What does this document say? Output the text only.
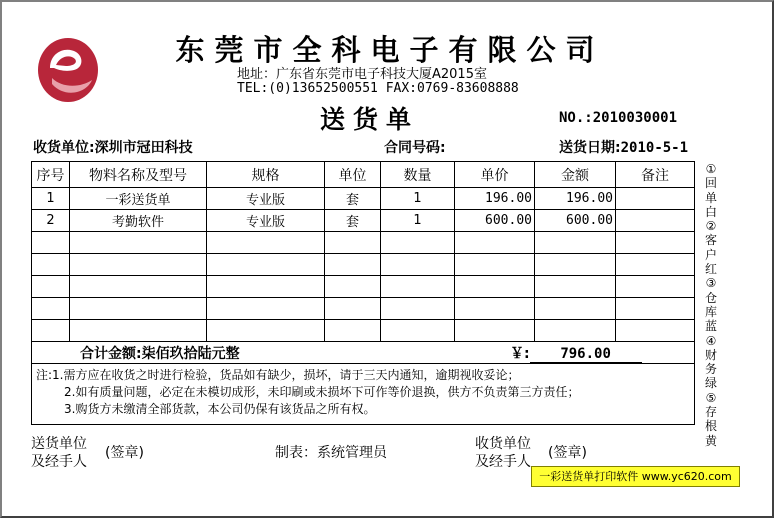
东莞市全科电子有限公司
地址：广东省东莞市电子科技大厦A2015室
TEL:(0)13652500551 FAX:0769-83608888
送货单	NO.:2010030001
收货单位:深圳市冠田科技	合同号码:	送货日期:2010-5-1
序号	物料名称及型号	规格	单位	数量	单价	金额	备注
1	一彩送货单	专业版	套	1	196.00	196.00	
2	考勤软件	专业版	套	1	600.00	600.00	

合计金额:柒佰玖拾陆元整 ￥: 796.00							
注:1.需方应在收货之时进行检验，货品如有缺少，损坏，请于三天内通知，逾期视收妥论；
2.如有质量问题，必定在未模切成形，未印刷或未损坏下可作等价退换，供方不负责第三方责任；
3.购货方未缴清全部货款，本公司仍保有该货品之所有权。
①回单白②客户红③仓库蓝④财务绿⑤存根黄
送货单位
及经手人
(签章)	制表：系统管理员
收货单位
及经手人
(签章)
一彩送货单打印软件 www.yc620.com
